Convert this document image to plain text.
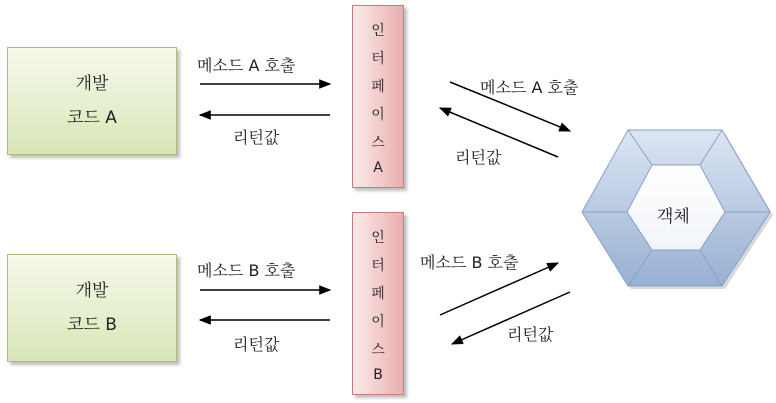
개발
코드 A
개발
코드 B
인
터
페
이
스
A
인
터
페
이
스
B
메소드 A 호출
리턴값
메소드 A 호출
리턴값
메소드 B 호출
리턴값
메소드 B 호출
리턴값
객체
